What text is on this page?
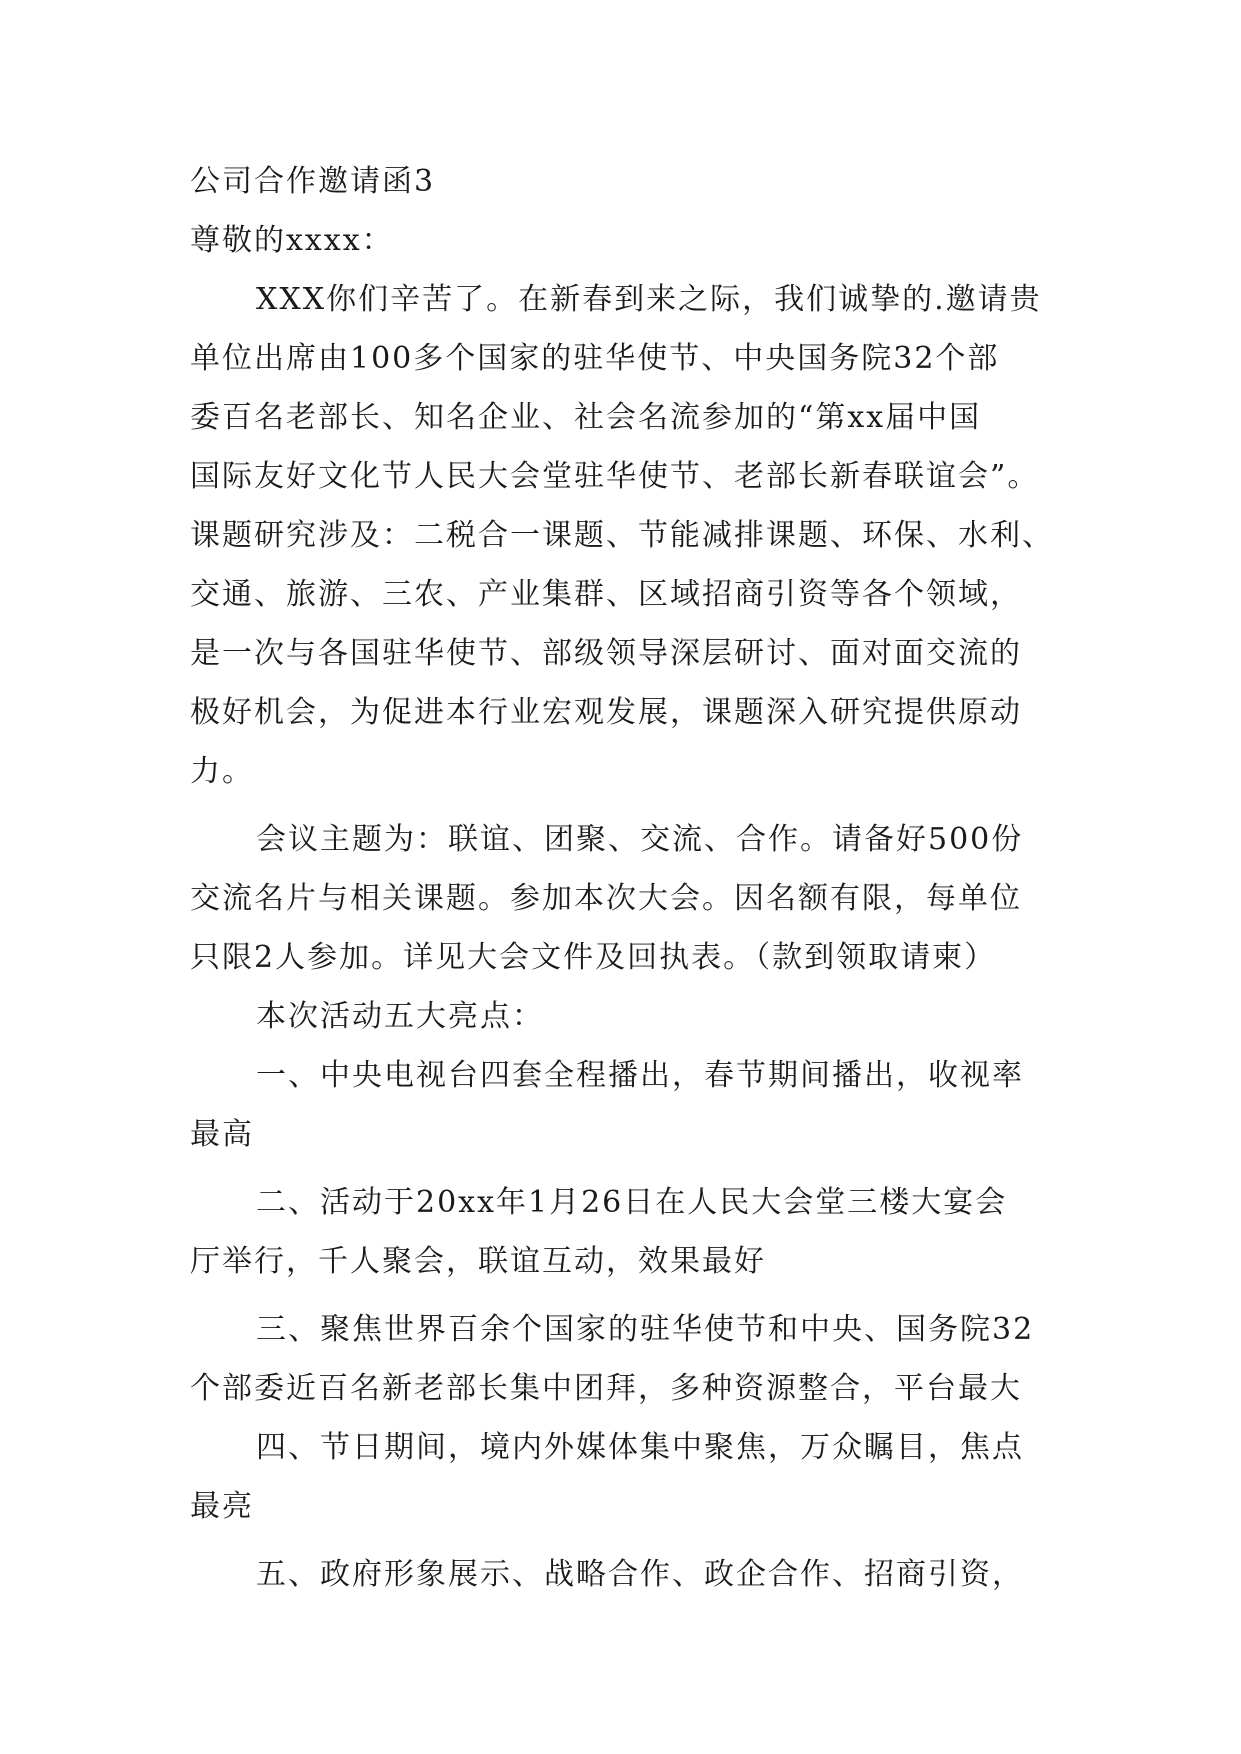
公司合作邀请函3
尊敬的xxxx：
XXX你们辛苦了。在新春到来之际，我们诚挚的.邀请贵
单位出席由100多个国家的驻华使节、中央国务院32个部
委百名老部长、知名企业、社会名流参加的“第xx届中国
国际友好文化节人民大会堂驻华使节、老部长新春联谊会”。
课题研究涉及：二税合一课题、节能减排课题、环保、水利、
交通、旅游、三农、产业集群、区域招商引资等各个领域，
是一次与各国驻华使节、部级领导深层研讨、面对面交流的
极好机会，为促进本行业宏观发展，课题深入研究提供原动
力。
会议主题为：联谊、团聚、交流、合作。请备好500份
交流名片与相关课题。参加本次大会。因名额有限，每单位
只限2人参加。详见大会文件及回执表。（款到领取请柬）
本次活动五大亮点：
一、中央电视台四套全程播出，春节期间播出，收视率
最高
二、活动于20xx年1月26日在人民大会堂三楼大宴会
厅举行，千人聚会，联谊互动，效果最好
三、聚焦世界百余个国家的驻华使节和中央、国务院32
个部委近百名新老部长集中团拜，多种资源整合，平台最大
四、节日期间，境内外媒体集中聚焦，万众瞩目，焦点
最亮
五、政府形象展示、战略合作、政企合作、招商引资，
